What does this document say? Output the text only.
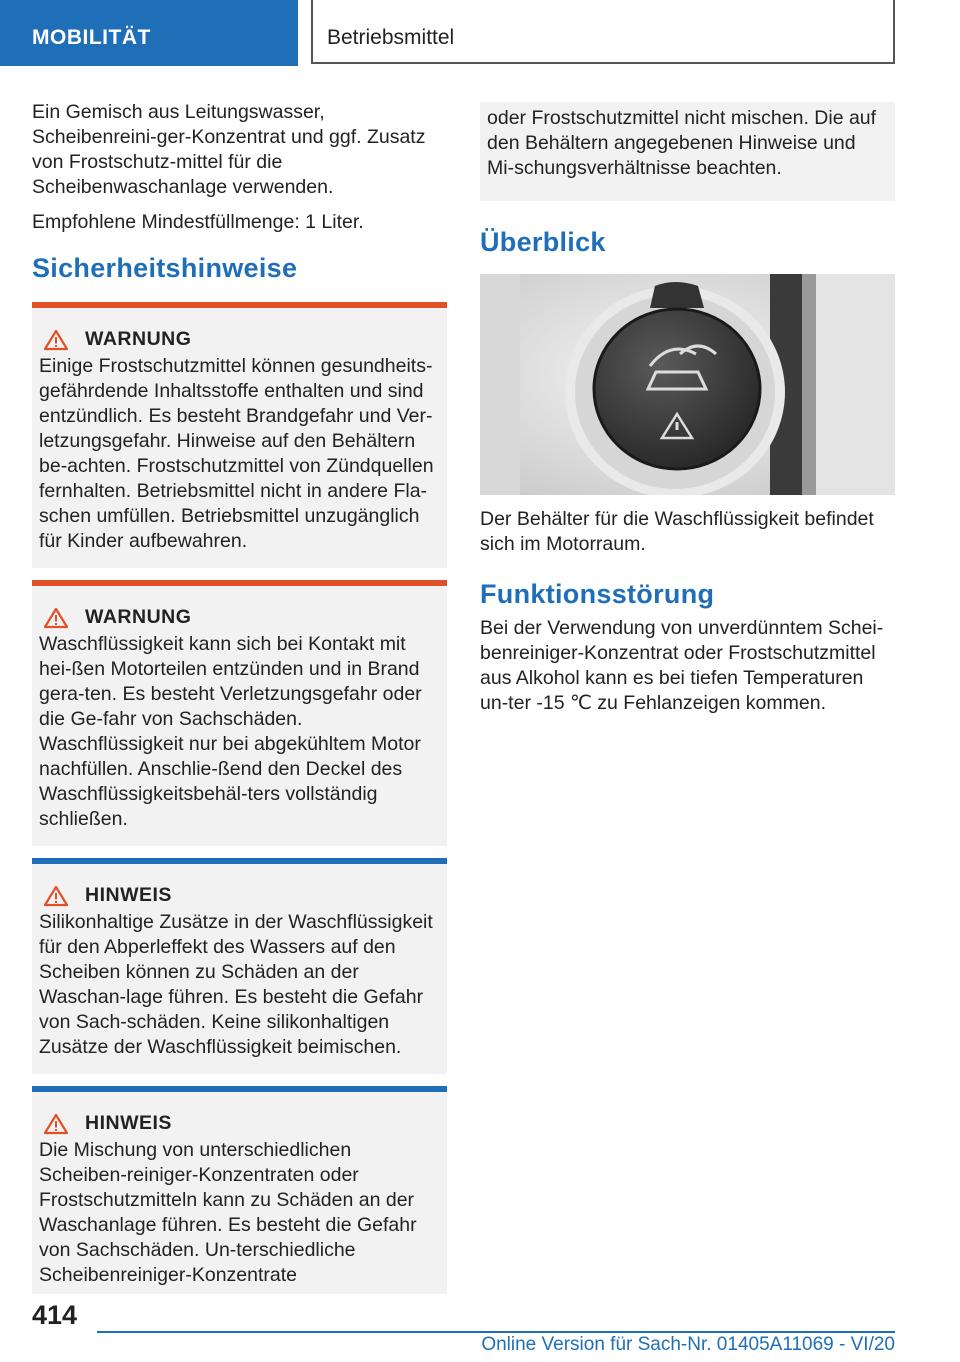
MOBILITÄT	Betriebsmittel

Ein Gemisch aus Leitungswasser, Scheibenreini-ger-Konzentrat und ggf. Zusatz von Frostschutz-mittel für die Scheibenwaschanlage verwenden.

Empfohlene Mindestfüllmenge: 1 Liter.

Sicherheitshinweise
WARNUNG

Einige Frostschutzmittel können gesundheits-gefährdende Inhaltsstoffe enthalten und sind entzündlich. Es besteht Brandgefahr und Ver-letzungsgefahr. Hinweise auf den Behältern be-achten. Frostschutzmittel von Zündquellen fernhalten. Betriebsmittel nicht in andere Fla-schen umfüllen. Betriebsmittel unzugänglich für Kinder aufbewahren.

WARNUNG

Waschflüssigkeit kann sich bei Kontakt mit hei-ßen Motorteilen entzünden und in Brand gera-ten. Es besteht Verletzungsgefahr oder die Ge-fahr von Sachschäden. Waschflüssigkeit nur bei abgekühltem Motor nachfüllen. Anschlie-ßend den Deckel des Waschflüssigkeitsbehäl-ters vollständig schließen.

HINWEIS

Silikonhaltige Zusätze in der Waschflüssigkeit für den Abperleffekt des Wassers auf den Scheiben können zu Schäden an der Waschan-lage führen. Es besteht die Gefahr von Sach-schäden. Keine silikonhaltigen Zusätze der Waschflüssigkeit beimischen.

HINWEIS

Die Mischung von unterschiedlichen Scheiben-reiniger-Konzentraten oder Frostschutzmitteln kann zu Schäden an der Waschanlage führen. Es besteht die Gefahr von Sachschäden. Un-terschiedliche Scheibenreiniger-Konzentrate

oder Frostschutzmittel nicht mischen. Die auf den Behältern angegebenen Hinweise und Mi-schungsverhältnisse beachten.

Überblick

Der Behälter für die Waschflüssigkeit befindet sich im Motorraum.

Funktionsstörung

Bei der Verwendung von unverdünntem Schei-benreiniger-Konzentrat oder Frostschutzmittel aus Alkohol kann es bei tiefen Temperaturen un-ter -15 ℃ zu Fehlanzeigen kommen.

414
Online Version für Sach-Nr. 01405A11069 - VI/20
